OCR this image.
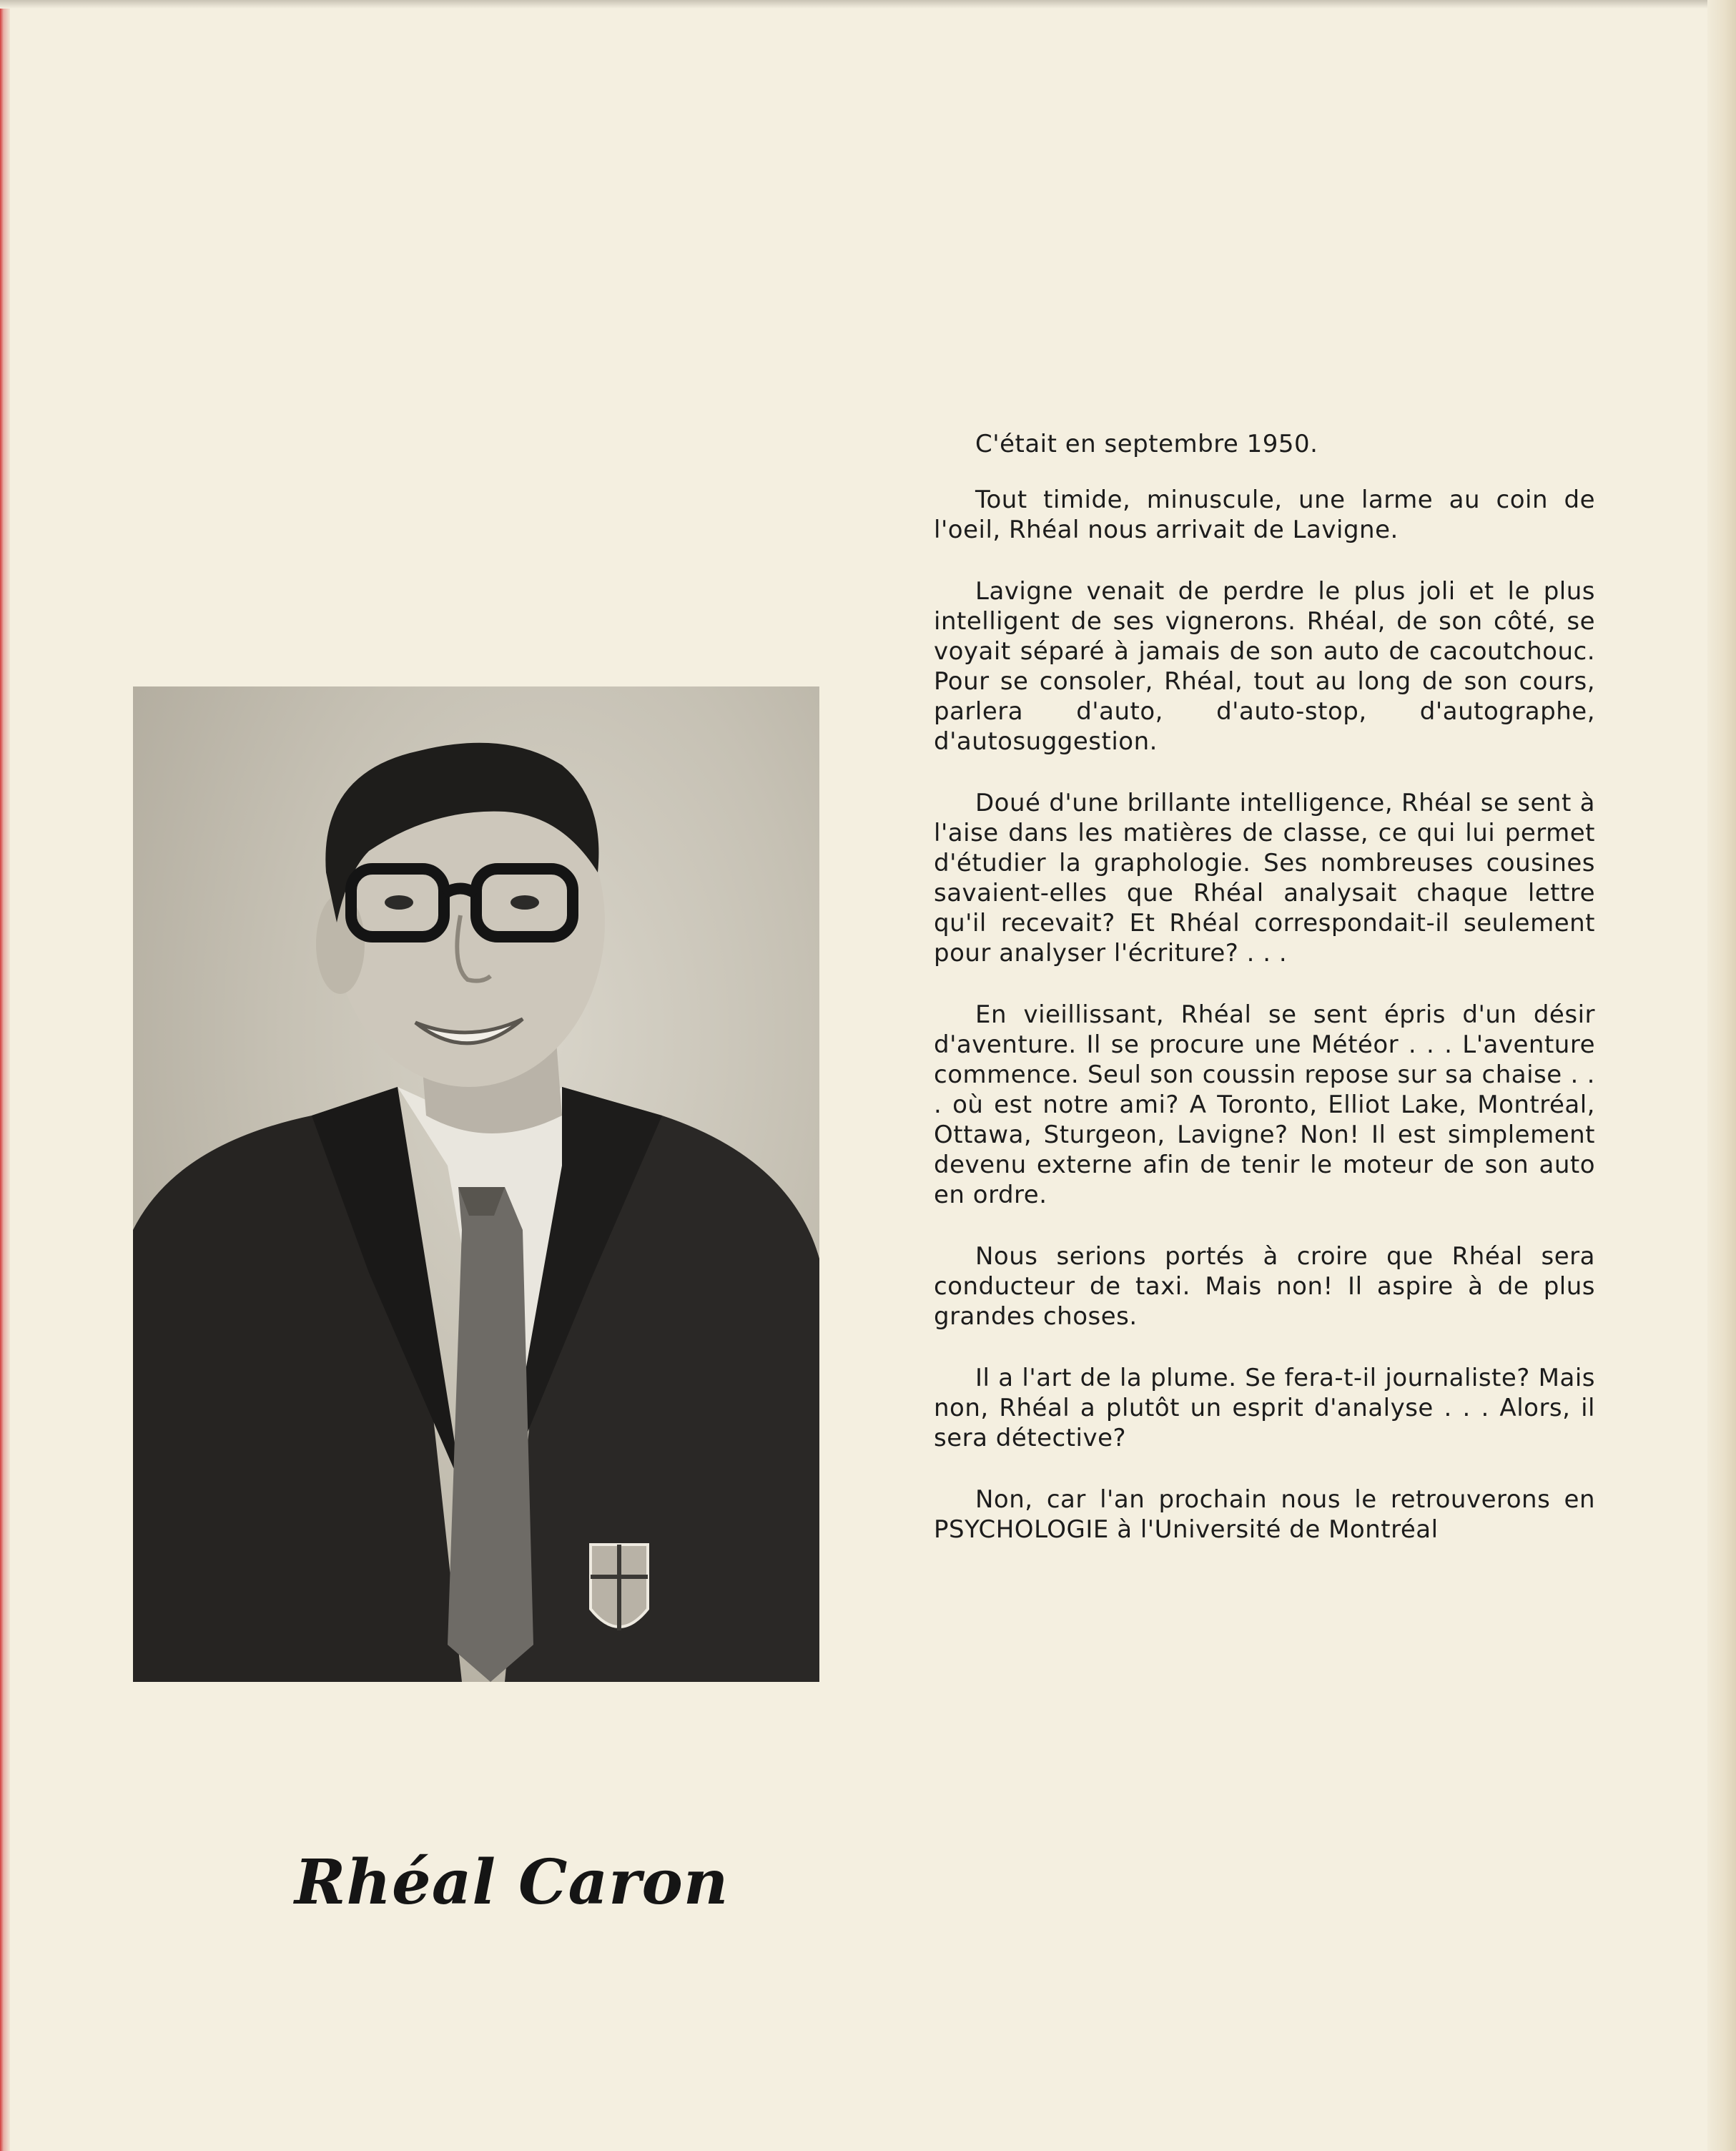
C'était en septembre 1950.

Tout timide, minuscule, une larme au coin de l'oeil, Rhéal nous arrivait de Lavigne.

Lavigne venait de perdre le plus joli et le plus intelligent de ses vignerons. Rhéal, de son côté, se voyait séparé à jamais de son auto de cacoutchouc. Pour se consoler, Rhéal, tout au long de son cours, parlera d'auto, d'auto-stop, d'autographe, d'autosuggestion.

Doué d'une brillante intelligence, Rhéal se sent à l'aise dans les matières de classe, ce qui lui permet d'étudier la graphologie. Ses nombreuses cousines savaient-elles que Rhéal analysait chaque lettre qu'il recevait? Et Rhéal correspondait-il seulement pour analyser l'écriture? . . .

En vieillissant, Rhéal se sent épris d'un désir d'aventure. Il se procure une Météor . . . L'aventure commence. Seul son coussin repose sur sa chaise . . . où est notre ami? A Toronto, Elliot Lake, Montréal, Ottawa, Sturgeon, Lavigne? Non! Il est simplement devenu externe afin de tenir le moteur de son auto en ordre.

Nous serions portés à croire que Rhéal sera conducteur de taxi. Mais non! Il aspire à de plus grandes choses.

Il a l'art de la plume. Se fera-t-il journaliste? Mais non, Rhéal a plutôt un esprit d'analyse . . . Alors, il sera détective?

Non, car l'an prochain nous le retrouverons en PSYCHOLOGIE à l'Université de Montréal

Rhéal Caron
